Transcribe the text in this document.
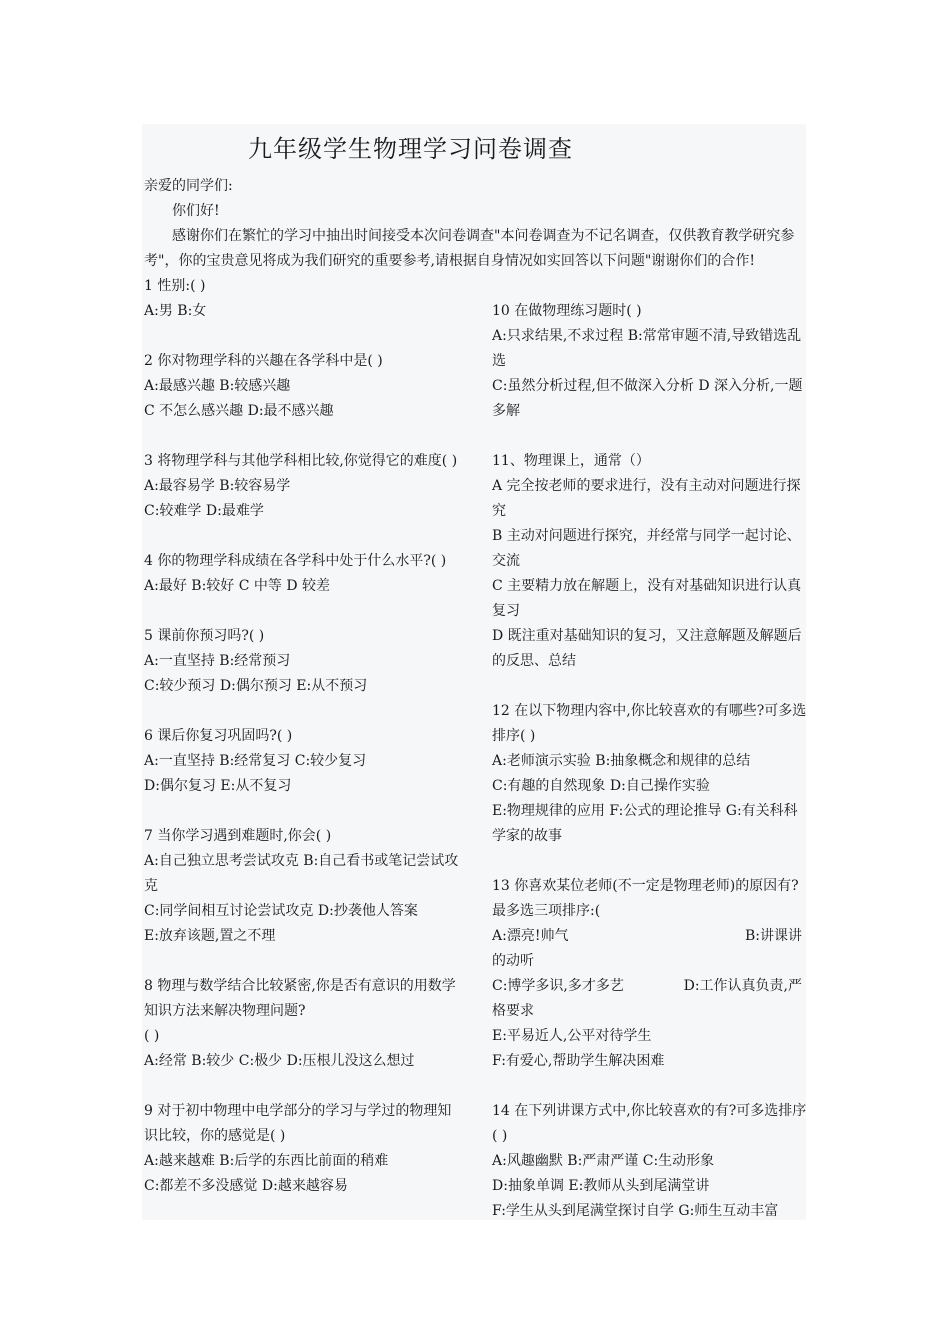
九年级学生物理学习问卷调查

亲爱的同学们:

你们好!

感谢你们在繁忙的学习中抽出时间接受本次问卷调查"本问卷调查为不记名调查，仅供教育教学研究参考"，你的宝贵意见将成为我们研究的重要参考,请根据自身情况如实回答以下问题"谢谢你们的合作!

1 性别:( )
A:男 B:女
2 你对物理学科的兴趣在各学科中是( )
A:最感兴趣 B:较感兴趣
C 不怎么感兴趣 D:最不感兴趣
3 将物理学科与其他学科相比较,你觉得它的难度( )
A:最容易学 B:较容易学
C:较难学 D:最难学
4 你的物理学科成绩在各学科中处于什么水平?( )
A:最好 B:较好 C 中等 D 较差
5 课前你预习吗?( )
A:一直坚持 B:经常预习
C:较少预习 D:偶尔预习 E:从不预习
6 课后你复习巩固吗?( )
A:一直坚持 B:经常复习 C:较少复习
D:偶尔复习 E:从不复习
7 当你学习遇到难题时,你会( )
A:自己独立思考尝试攻克 B:自己看书或笔记尝试攻克
C:同学间相互讨论尝试攻克 D:抄袭他人答案
E:放弃该题,置之不理
8 物理与数学结合比较紧密,你是否有意识的用数学知识方法来解决物理问题?
( )
A:经常 B:较少 C:极少 D:压根儿没这么想过
9 对于初中物理中电学部分的学习与学过的物理知识比较，你的感觉是( )
A:越来越难 B:后学的东西比前面的稍难
C:都差不多没感觉 D:越来越容易
10 在做物理练习题时( )
A:只求结果,不求过程 B:常常审题不清,导致错选乱选
C:虽然分析过程,但不做深入分析 D 深入分析,一题多解
11、物理课上，通常（）
A 完全按老师的要求进行，没有主动对问题进行探究
B 主动对问题进行探究，并经常与同学一起讨论、交流
C 主要精力放在解题上，没有对基础知识进行认真复习
D 既注重对基础知识的复习，又注意解题及解题后的反思、总结
12 在以下物理内容中,你比较喜欢的有哪些?可多选排序( )
A:老师演示实验 B:抽象概念和规律的总结
C:有趣的自然现象 D:自己操作实验
E:物理规律的应用 F:公式的理论推导 G:有关科科学家的故事
13 你喜欢某位老师(不一定是物理老师)的原因有?最多选三项排序:(
A:漂亮!帅气	B:讲课讲
的动听
C:博学多识,多才多艺	D:工作认真负责,严
格要求
E:平易近人,公平对待学生
F:有爱心,帮助学生解决困难
14 在下列讲课方式中,你比较喜欢的有?可多选排序( )
A:风趣幽默 B:严肃严谨 C:生动形象
D:抽象单调 E:教师从头到尾满堂讲
F:学生从头到尾满堂探讨自学 G:师生互动丰富
